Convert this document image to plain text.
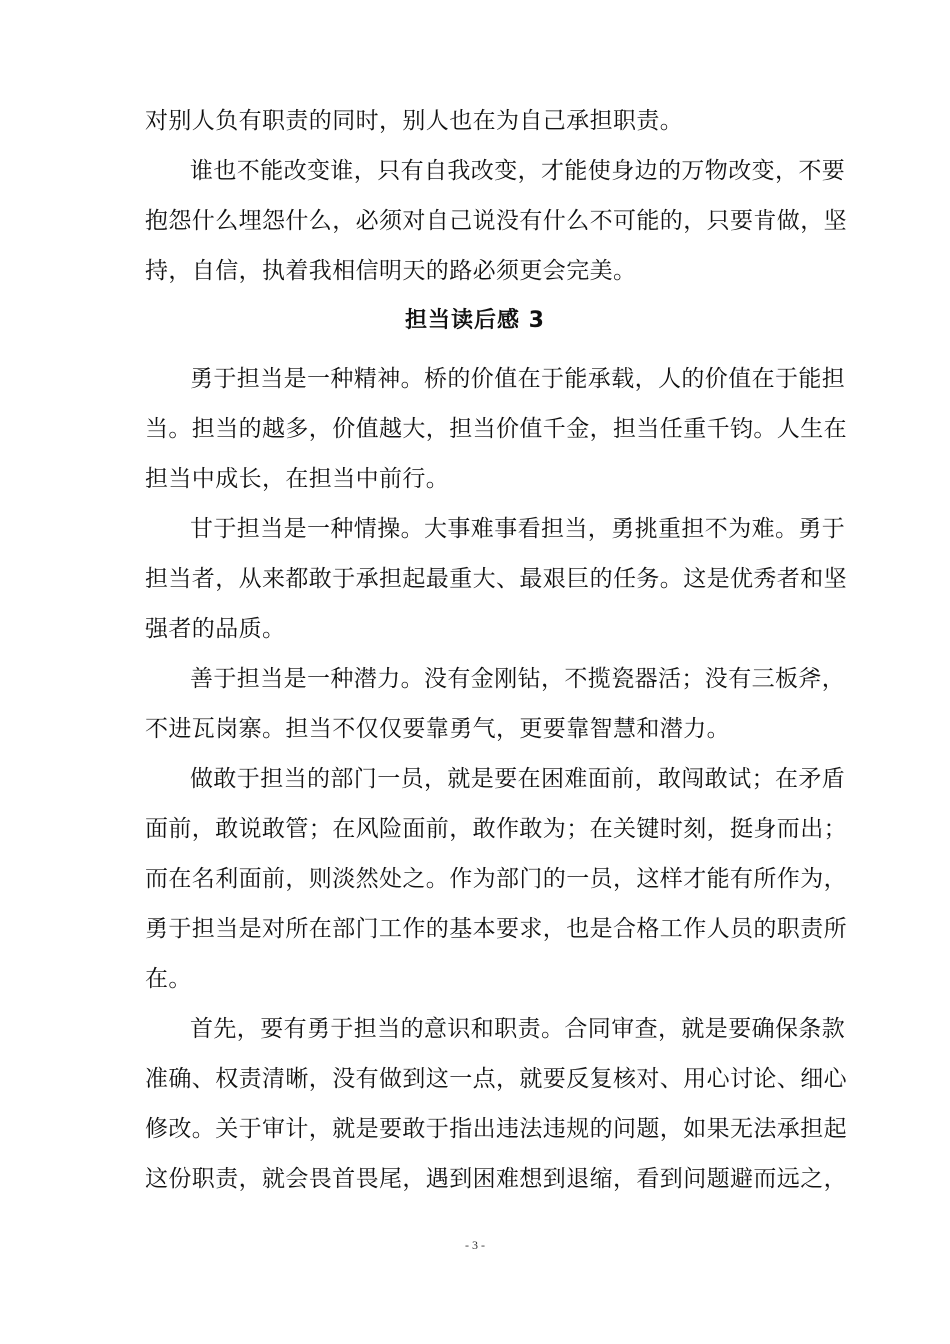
对别人负有职责的同时，别人也在为自己承担职责。
谁也不能改变谁，只有自我改变，才能使身边的万物改变，不要
抱怨什么埋怨什么，必须对自己说没有什么不可能的，只要肯做，坚
持，自信，执着我相信明天的路必须更会完美。
担当读后感 3
勇于担当是一种精神。桥的价值在于能承载，人的价值在于能担
当。担当的越多，价值越大，担当价值千金，担当任重千钧。人生在
担当中成长，在担当中前行。
甘于担当是一种情操。大事难事看担当，勇挑重担不为难。勇于
担当者，从来都敢于承担起最重大、最艰巨的任务。这是优秀者和坚
强者的品质。
善于担当是一种潜力。没有金刚钻，不揽瓷器活；没有三板斧，
不进瓦岗寨。担当不仅仅要靠勇气，更要靠智慧和潜力。
做敢于担当的部门一员，就是要在困难面前，敢闯敢试；在矛盾
面前，敢说敢管；在风险面前，敢作敢为；在关键时刻，挺身而出；
而在名利面前，则淡然处之。作为部门的一员，这样才能有所作为，
勇于担当是对所在部门工作的基本要求，也是合格工作人员的职责所
在。
首先，要有勇于担当的意识和职责。合同审查，就是要确保条款
准确、权责清晰，没有做到这一点，就要反复核对、用心讨论、细心
修改。关于审计，就是要敢于指出违法违规的问题，如果无法承担起
这份职责，就会畏首畏尾，遇到困难想到退缩，看到问题避而远之，
- 3 -
